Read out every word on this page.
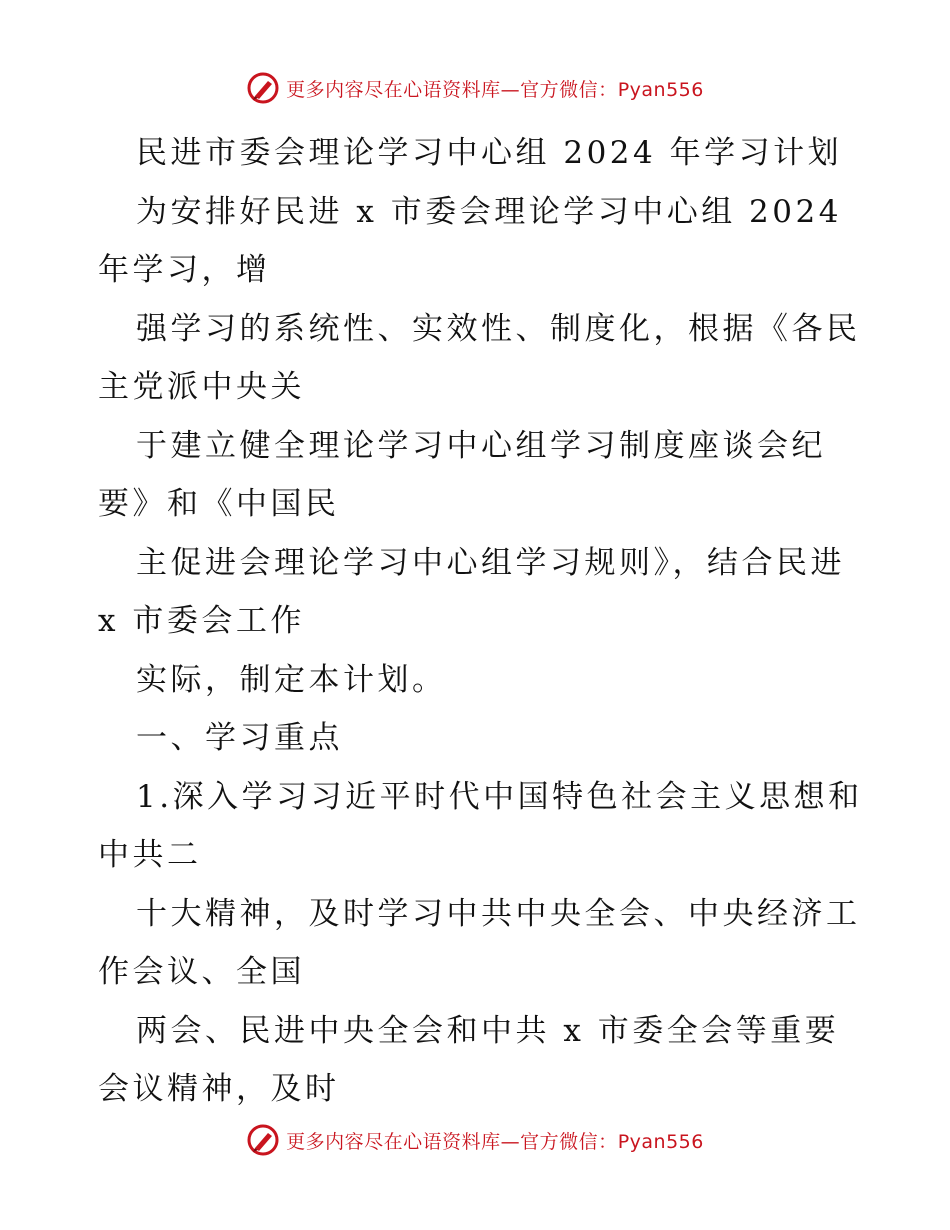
更多内容尽在心语资料库—官方微信：Pyan556
民进市委会理论学习中心组 2024 年学习计划
为安排好民进 x 市委会理论学习中心组 2024
年学习，增
强学习的系统性、实效性、制度化，根据《各民
主党派中央关
于建立健全理论学习中心组学习制度座谈会纪
要》和《中国民
主促进会理论学习中心组学习规则》，结合民进
x 市委会工作
实际，制定本计划。
一、学习重点
1.深入学习习近平时代中国特色社会主义思想和
中共二
十大精神，及时学习中共中央全会、中央经济工
作会议、全国
两会、民进中央全会和中共 x 市委全会等重要
会议精神，及时
更多内容尽在心语资料库—官方微信：Pyan556
